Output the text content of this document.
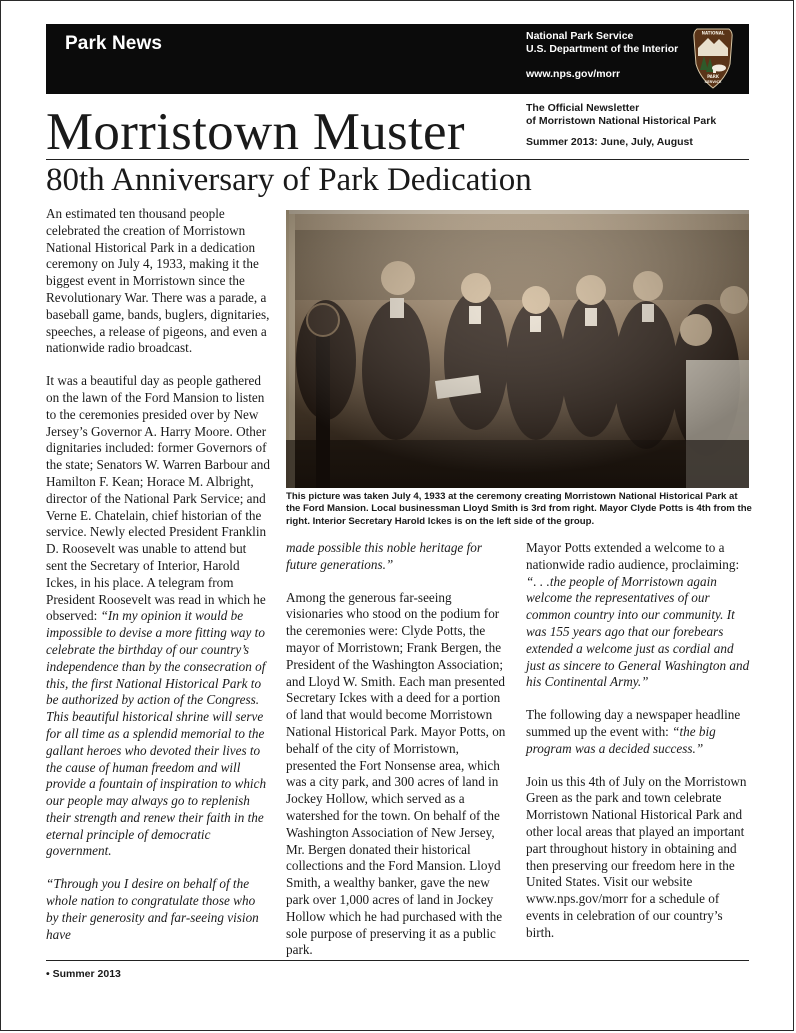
Park News	National Park Service
U.S. Department of the Interior
www.nps.gov/morr
NATIONAL
PARK
SERVICE
Morristown Muster	The Official Newsletter
of Morristown National Historical Park
Summer 2013: June, July, August
80th Anniversary of Park Dedication

An estimated ten thousand people celebrated the creation of Morristown National Historical Park in a dedication ceremony on July 4, 1933, making it the biggest event in Morristown since the Revolutionary War. There was a parade, a baseball game, bands, buglers, dignitaries, speeches, a release of pigeons, and even a nationwide radio broadcast.

It was a beautiful day as people gathered on the lawn of the Ford Mansion to listen to the ceremonies presided over by New Jersey’s Governor A. Harry Moore. Other dignitaries included: former Governors of the state; Senators W. Warren Barbour and Hamilton F. Kean; Horace M. Albright, director of the National Park Service; and Verne E. Chatelain, chief historian of the service. Newly elected President Franklin D. Roosevelt was unable to attend but sent the Secretary of Interior, Harold Ickes, in his place. A telegram from President Roosevelt was read in which he observed: “In my opinion it would be impossible to devise a more fitting way to celebrate the birthday of our country’s independence than by the consecration of this, the first National Historical Park to be authorized by action of the Congress. This beautiful historical shrine will serve for all time as a splendid memorial to the gallant heroes who devoted their lives to the cause of human freedom and will provide a fountain of inspiration to which our people may always go to replenish their strength and renew their faith in the eternal principle of democratic government.

“Through you I desire on behalf of the whole nation to congratulate those who by their generosity and far-seeing vision have

This picture was taken July 4, 1933 at the ceremony creating Morristown National Historical Park at the Ford Mansion. Local businessman Lloyd Smith is 3rd from right. Mayor Clyde Potts is 4th from the right. Interior Secretary Harold Ickes is on the left side of the group.

made possible this noble heritage for future generations.”

Among the generous far-seeing visionaries who stood on the podium for the ceremonies were: Clyde Potts, the mayor of Morristown; Frank Bergen, the President of the Washington Association; and Lloyd W. Smith. Each man presented Secretary Ickes with a deed for a portion of land that would become Morristown National Historical Park. Mayor Potts, on behalf of the city of Morristown, presented the Fort Nonsense area, which was a city park, and 300 acres of land in Jockey Hollow, which served as a watershed for the town. On behalf of the Washington Association of New Jersey, Mr. Bergen donated their historical collections and the Ford Mansion. Lloyd Smith, a wealthy banker, gave the new park over 1,000 acres of land in Jockey Hollow which he had purchased with the sole purpose of preserving it as a public park.

Mayor Potts extended a welcome to a nationwide radio audience, proclaiming: “. . .the people of Morristown again welcome the representatives of our common country into our community. It was 155 years ago that our forebears extended a welcome just as cordial and just as sincere to General Washington and his Continental Army.”

The following day a newspaper headline summed up the event with: “the big program was a decided success.”

Join us this 4th of July on the Morristown Green as the park and town celebrate Morristown National Historical Park and other local areas that played an important part throughout history in obtaining and then preserving our freedom here in the United States. Visit our website www.nps.gov/morr for a schedule of events in celebration of our country’s birth.

• Summer 2013
